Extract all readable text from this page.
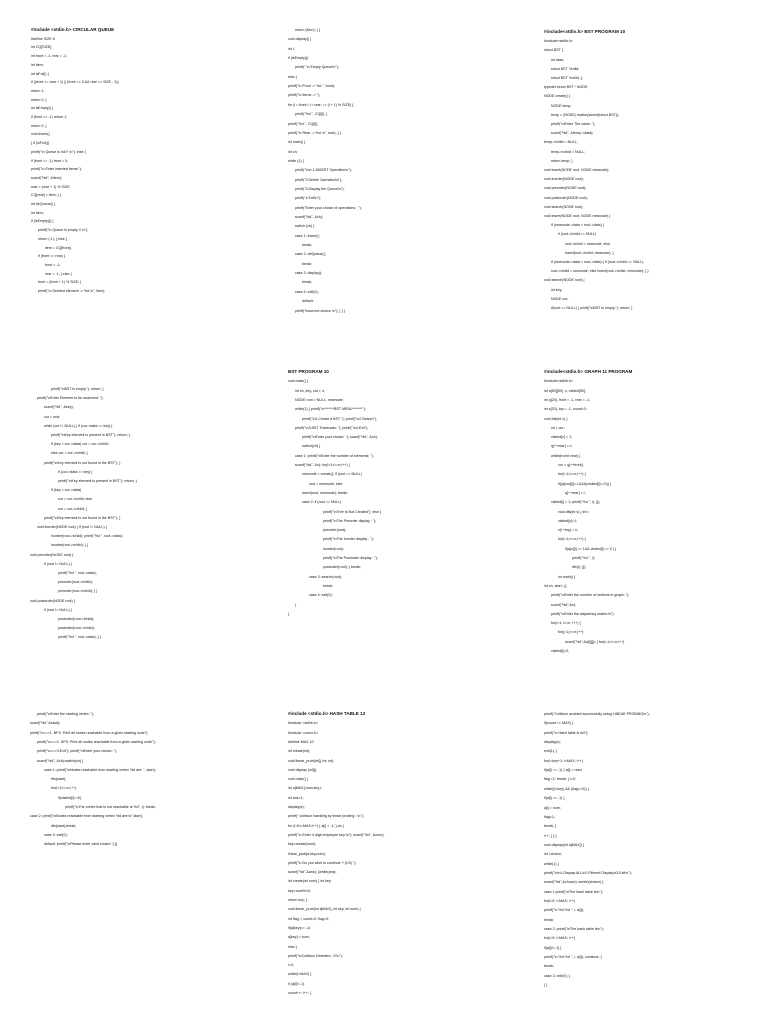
#include <stdio.h> CIRCULAR QUEUE
#define SIZE 5
int CQ[SIZE];
int front = -1, rear = -1;
int item;
int isFull() {
if ((front == rear + 1) || (front == 0 && rear == SIZE - 1))
return 1;
return 0; }
int isEmpty() {
if (front == -1) return 1;
return 0; }
void insert()
{ if (isFull())
printf("\n Queue is full !! \n"); else {
if (front == -1) front = 0;
printf("\n Enter inserted items:");
scanf("%d", &item);
rear = (rear + 1) % SIZE;
CQ[rear] = item; } }
int deQueue() {
int item;
if (isEmpty()) {
printf("\n Queue is empty !! \n");
return (-1); } else {
item = CQ[front];
if (front == rear) {
front = -1;
rear = -1; } else {
front = (front + 1) % SIZE; }
printf("\n Deleted element -> %d \n", item);
return (item); } }
void display() {
int i;
if (isEmpty())
printf(" \n Empty Queue\n");
else {
printf("\n Front -> %d ", front);
printf("\n Items -> ");
for (i = front; i != rear; i = (i + 1) % SIZE) {
printf("%d ", CQ[i]); }
printf("%d ", CQ[i]);
printf("\n Rear -> %d \n", rear); } }
int main() {
int ch;
while (1) {
printf("\n\n 1.INSERT Operation\n");
printf("2.Delete Operation\n");
printf("3.Display the Queue\n");
printf("4.Exit\n");
printf("Enter your choice of operations : ");
scanf("%d", &ch);
switch (ch) {
case 1: insert();
break;
case 2: deQueue();
break;
case 3: display();
break;
case 4: exit(0);
default:
printf("Incorrect choice \n"); } } }
#include<stdio.h> BST PROGRAM 10
#include<stdlib.h>
struct BST {
int data;
struct BST *lchild;
struct BST *rchild; };
typedef struct BST * NODE;
NODE create() {
NODE temp;
temp = (NODE) malloc(sizeof(struct BST));
printf("\nEnter The value: ");
scanf("%d", &temp->data);
temp->lchild = NULL;
temp->rchild = NULL;
return temp; }
void insert(NODE root, NODE newnode);
void inorder(NODE root);
void preorder(NODE root);
void postorder(NODE root);
void search(NODE root);
void insert(NODE root, NODE newnode) {
if (newnode->data < root->data) {
if (root->lchild == NULL)
root->lchild = newnode; else
insert(root->lchild, newnode); }
if (newnode->data > root->data) { if (root->rchild == NULL)
root->rchild = newnode; else insert(root->rchild, newnode); } }
void search(NODE root) {
int key;
NODE cur;
if(root == NULL) { printf("\nBST is empty."); return; }
printf("\nBST is empty."); return; }
printf("\nEnter Element to be searched: ");
scanf("%d", &key);
cur = root;
while (cur != NULL) { if (cur->data == key) {
printf("\nKey element is present in BST"); return; }
if (key < cur->data) cur = cur->lchild;
else cur = cur->rchild; }
printf("\nKey element is not found in the BST"); }
if (cur->data == key) {
printf("\nKey element is present in BST"); return; }
if (key < cur->data)
cur = cur->lchild; else
cur = cur->rchild; }
printf("\nKey element is not found in the BST"); }
void inorder(NODE root) { if (root != NULL) {
inorder(root->lchild); printf("%d ", root->data);
inorder(root->rchild); } }
void preorder(NODE root) {
if (root != NULL) {
printf("%d ", root->data);
preorder(root->lchild);
preorder(root->rchild); } }
void postorder(NODE root) {
if (root != NULL) {
postorder(root->lchild);
postorder(root->rchild);
printf("%d ", root->data); } }
BST PROGRAM 10
void main() {
int ch, key, val, i, n;
NODE root = NULL, newnode;
while(1) { printf("\n*******BST MENU*******");
printf("\n1.Create a BST "); printf("\n2.Search");
printf("\n3.BST Traversals: "); printf("\n4.Exit");
printf("\nEnter your choice: "); scanf("%d", &ch);
switch(ch) {
case 1: printf("\nEnter the number of elements: ");
scanf("%d", &n); for(i=1;i<=n;i++) {
newnode = create(); if (root == NULL)
root = newnode; else
insert(root, newnode); break;
case 2: if (root == NULL)
printf("\nTree Is Not Created"); else {
printf("\nThe Preorder display : ");
preorder(root);
printf("\nThe Inorder display : ");
inorder(root);
printf("\nThe Postorder display : ");
postorder(root); } break;
case 3: search(root);
break;
case 4: exit(0);
}
}
#include<stdio.h> GRAPH 11 PROGRAM
#include<stdlib.h>
int a[50][50], n, visited[50];
int q[20], front = -1, rear = -1;
int s[20], top = -1, count=0;
void bfs(int v) {
int i, cur;
visited[v] = 1;
q[++rear] = v;
while(front!=rear) {
cur = q[++front];
for(i=1;i<=n;i++) {
if((a[cur][i]==1)&&(visited[i]==0)) {
q[++rear] = i;
visited[i] = 1; printf("%d ", i); }}}
void dfs(int v) { int i;
visited[v]=1;
s[++top] = v;
for(i=1;i<=n;i++) {
if(a[v][i] == 1&& visited[i] == 0 ) {
printf("%d ", i);
dfs(i); }}}
int main() {
int ch, start, i,j;
printf("\nEnter the number of vertices in graph: ");
scanf("%d",&n);
printf("\nEnter the adjacency matrix:\n");
for(i=1; i<=n; i++) {
for(j=1;j<=n;j++)
scanf("%d",&a[i][j]); } for(i=1;i<=n;i++)
visited[i]=0;
printf("\nEnter the starting vertex: ");
scanf("%d",&start);
printf("\n==>1. BFS: Print all nodes reachable from a given starting node");
printf("\n==>2. DFS: Print all nodes reachable from a given starting node");
printf("\n==>3:Exit"); printf("\nEnter your choice: ");
scanf("%d", &ch);switch(ch) {
case 1: printf("\nNodes reachable from starting vertex %d are: ", start);
bfs(start);
for(i=1;i<=n;i++)
if(visited[i]==0)
printf("\nThe vertex that is not reachable is %d" ,i); break;
case 2: printf("\nNodes reachable from starting vertex %d are:\n",start);
dfs(start);break;
case 3: exit(0);
default: printf("\nPlease enter valid choice:");}}
#include <stdio.h> HASH TABLE 12
#include <stdlib.h>
#include <conio.h>
#define MAX 10
int create(int);
void linear_prob(int[], int, int);
void display (int[]);
void main() {
int a[MAX],num,key,i;
int ans=1;
display(a);
printf(" collision handling by linear probing : \n");
for (i=0;i<MAX;i++) { a[i] = -1; } do {
printf("\n Enter 4 digit employee key:\n"); scanf("%d", &num);
key=create(num);
linear_prob(a,key,num);
printf("\n Do you wish to continue ? (1/0) ");
scanf("%d",&ans); }while(ans);
int create(int num) { int key;
key=num%10;
return key; }
void linear_prob(int a[MAX], int key, int num) {
int flag, i, count=0; flag=0;
if(a[key]== -1)
a[key] = num;
else {
printf("\nCollision Detected...!!!\n");
i=0;
while(i<MAX) {
if (a[i]!=-1)
count++; i++; }
printf("Collision avoided successfully using LINEAR PROBING\n");
if(count == MAX) {
printf("\n Hash table is full");
display(a);
exit(1); }
for(i=key+1; i<MAX; i++)
if(a[i] == -1) { a[i] = num;
flag =1; break; } i=0;
while((i<key) && (flag==0)) {
if(a[i] == -1) {
a[i] = num;
flag=1;
break; }
i++; } } }
void display(int a[MAX]) {
int i,choice;
while(1) {
printf("\n\n1.Display ALL\n2.Filtered Display\n3.Exit\n");
scanf("%d",&choice); switch(choice) {
case 1:printf("\nThe hash table is\n");
for(i=0; i<MAX; i++)
printf("\n %d %d ", i, a[i]);
break;
case 2: printf("\nThe hash table is\n");
for(i=0; i<MAX; i++)
if(a[i]!=-1) {
printf("\n %d %d ", i, a[i]); continue; }
break;
case 3: exit(0); }
} }
